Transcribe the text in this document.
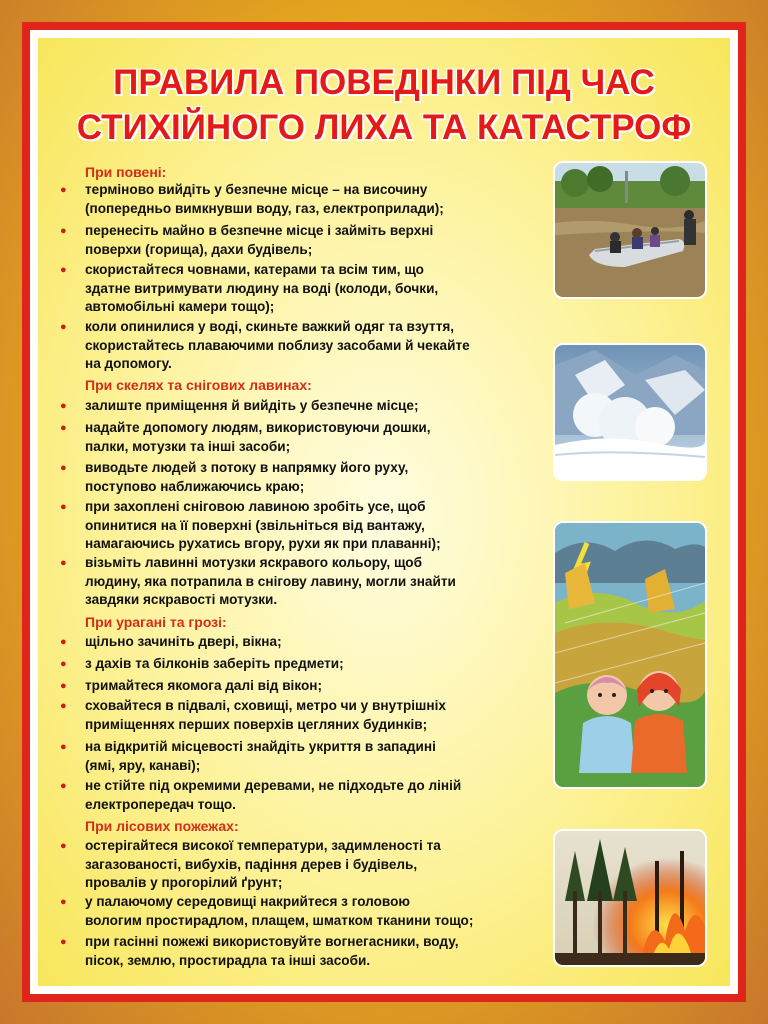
ПРАВИЛА ПОВЕДІНКИ ПІД ЧАС
СТИХІЙНОГО ЛИХА ТА КАТАСТРОФ
При повені:
● терміново вийдіть у безпечне місце – на височину
(попередньо вимкнувши воду, газ, електроприлади);
● перенесіть майно в безпечне місце і займіть верхні
поверхи (горища), дахи будівель;
● скористайтеся човнами, катерами та всім тим, що
здатне витримувати людину на воді (колоди, бочки,
автомобільні камери тощо);
● коли опинилися у воді, скиньте важкий одяг та взуття,
скористайтесь плаваючими поблизу засобами й чекайте
на допомогу.
При скелях та снігових лавинах:
● залиште приміщення й вийдіть у безпечне місце;
● надайте допомогу людям, використовуючи дошки,
палки, мотузки та інші засоби;
● виводьте людей з потоку в напрямку його руху,
поступово наближаючись краю;
● при захоплені сніговою лавиною зробіть усе, щоб
опинитися на її поверхні (звільніться від вантажу,
намагаючись рухатись вгору, рухи як при плаванні);
● візьміть лавинні мотузки яскравого кольору, щоб
людину, яка потрапила в снігову лавину, могли знайти
завдяки яскравості мотузки.
При урагані та грозі:
● щільно зачиніть двері, вікна;
● з дахів та білконів заберіть предмети;
● тримайтеся якомога далі від вікон;
● сховайтеся в підвалі, сховищі, метро чи у внутрішніх
приміщеннях перших поверхів цегляних будинків;
● на відкритій місцевості знайдіть укриття в западині
(ямі, яру, канаві);
● не стійте під окремими деревами, не підходьте до ліній
електропередач тощо.
При лісових пожежах:
● остерігайтеся високої температури, задимленості та
загазованості, вибухів, падіння дерев і будівель,
провалів у прогорілий ґрунт;
● у палаючому середовищі накрийтеся з головою
вологим простирадлом, плащем, шматком тканини тощо;
● при гасінні пожежі використовуйте вогнегасники, воду,
пісок, землю, простирадла та інші засоби.
